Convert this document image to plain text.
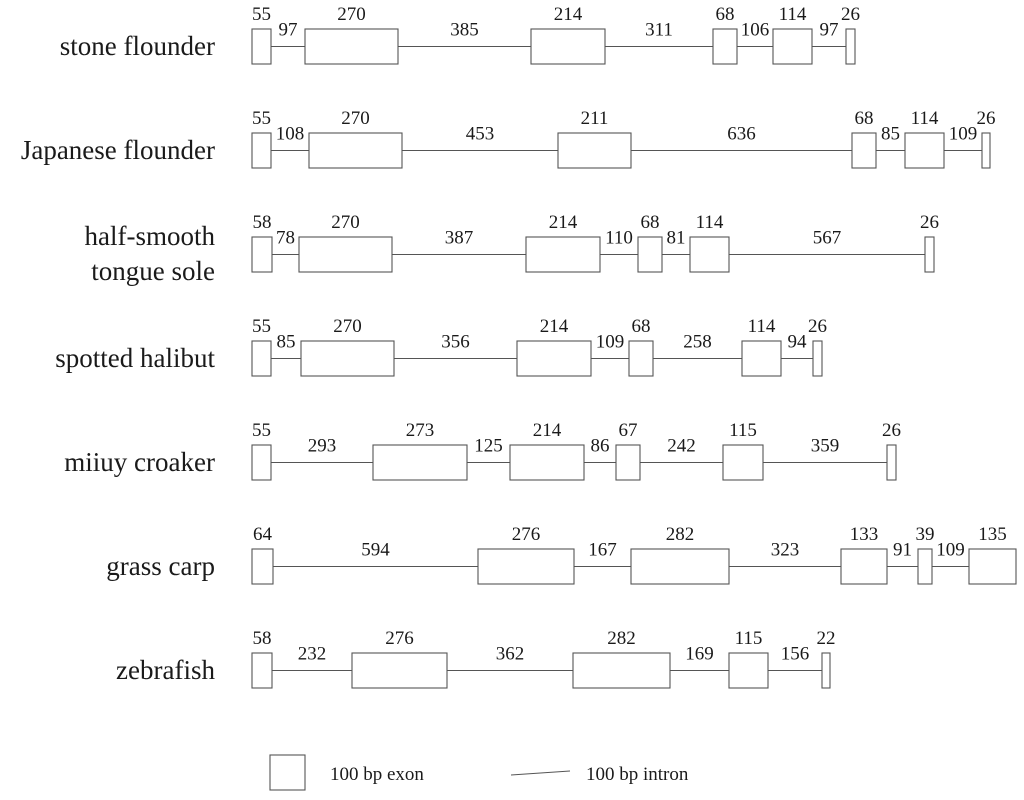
stone flounder
55
97
270
385
214
311
68
106
114
97
26
Japanese flounder
55
108
270
453
211
636
68
85
114
109
26
half-smooth
tongue sole
58
78
270
387
214
110
68
81
114
567
26
spotted halibut
55
85
270
356
214
109
68
258
114
94
26
miiuy croaker
55
293
273
125
214
86
67
242
115
359
26
grass carp
64
594
276
167
282
323
133
91
39
109
135
zebrafish
58
232
276
362
282
169
115
156
22
100 bp exon	100 bp intron
